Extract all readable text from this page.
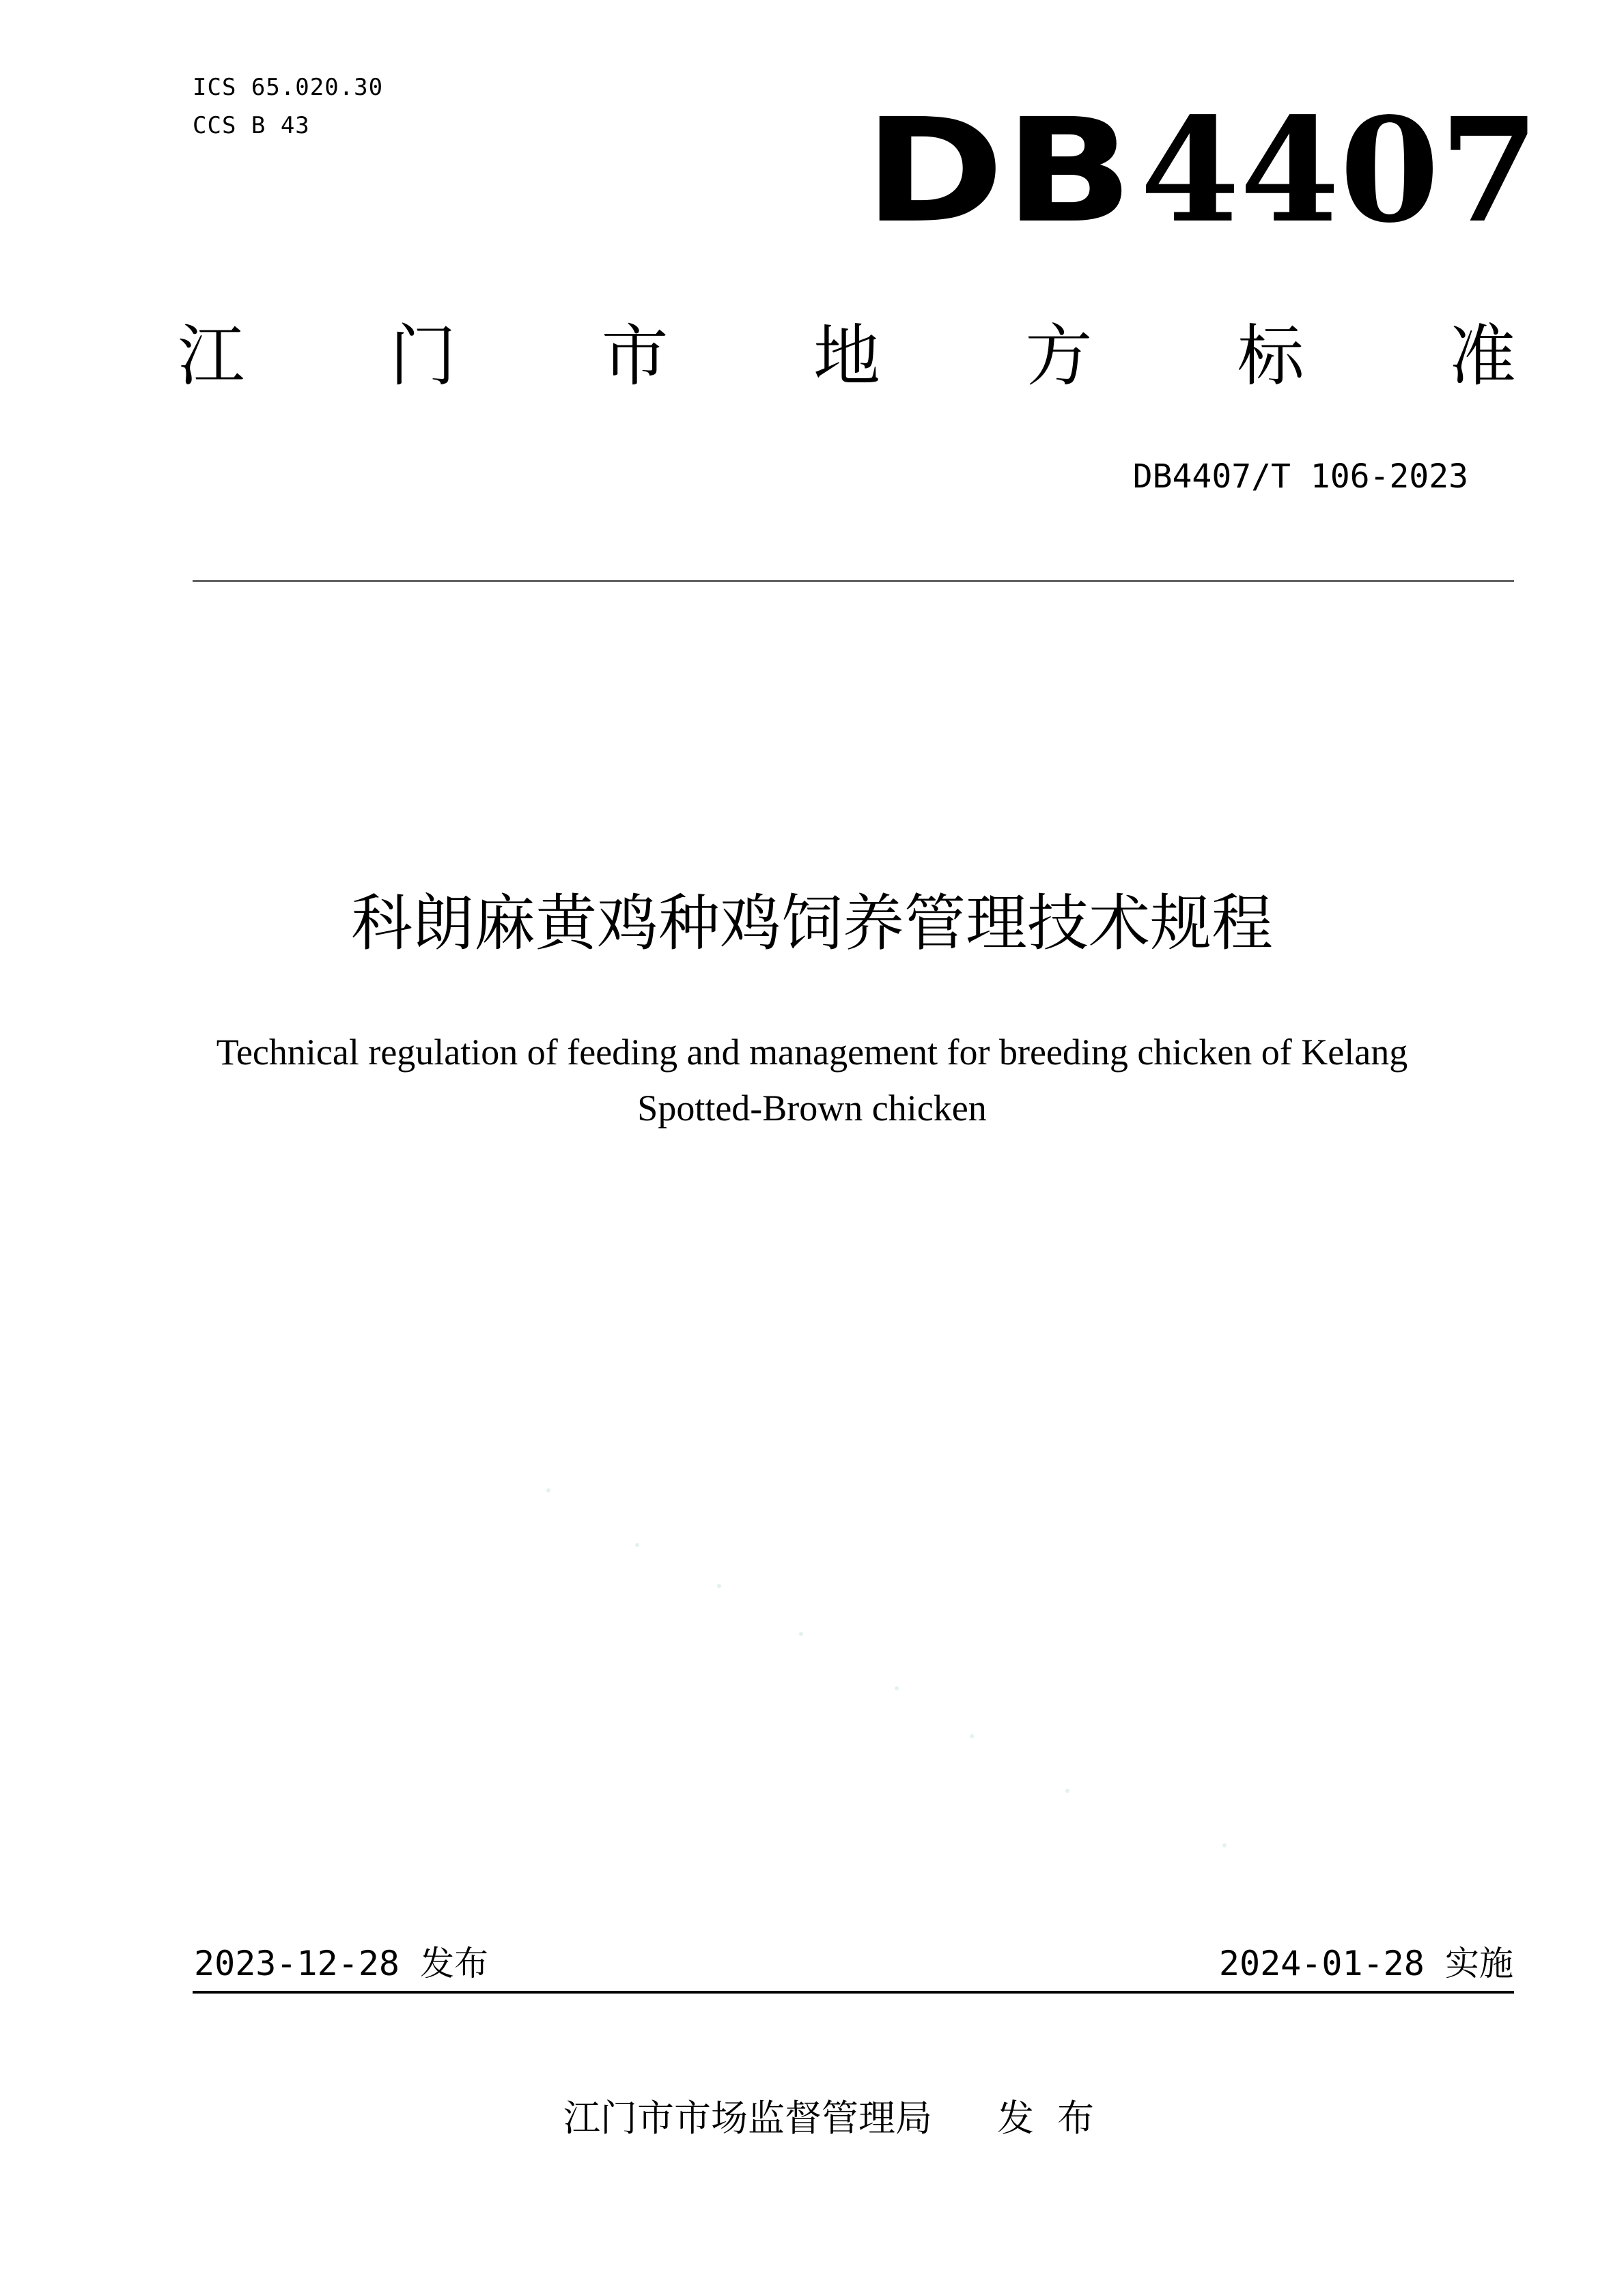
ICS 65.020.30
CCS B 43	DB4407
江 门 市 地 方 标 准
DB4407/T 106-2023
科朗麻黄鸡种鸡饲养管理技术规程
Technical regulation of feeding and management for breeding chicken of Kelang
Spotted-Brown chicken
2023-12-28 发布	2024-01-28 实施
江门市市场监督管理局 发布
